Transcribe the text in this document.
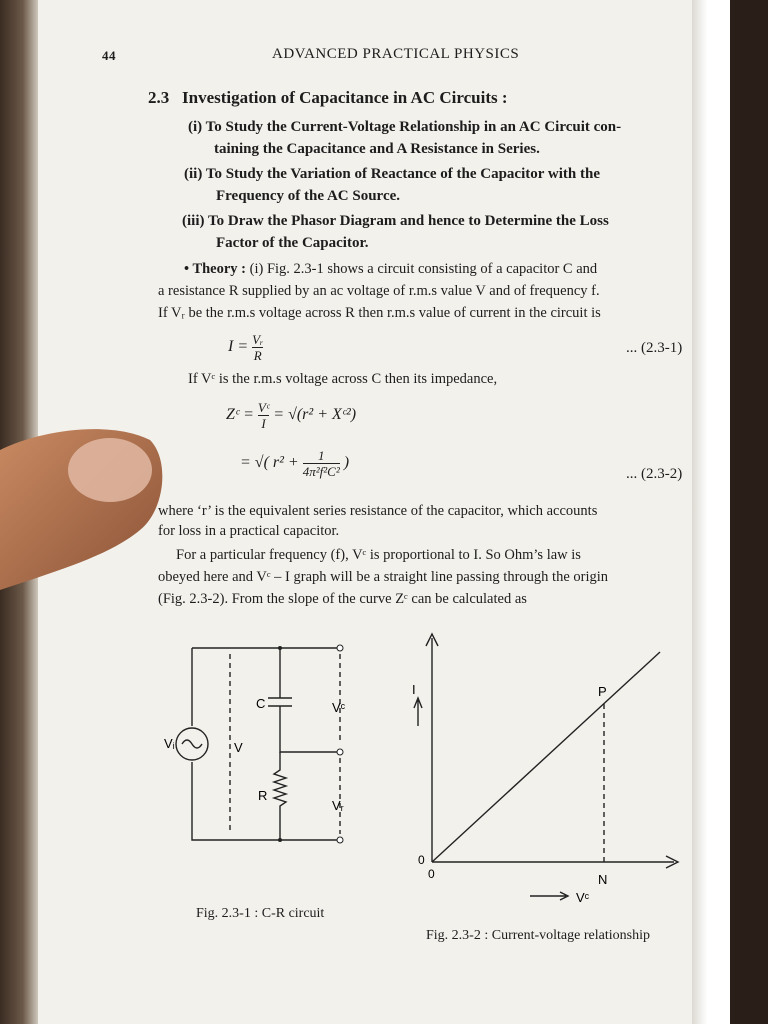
44	ADVANCED PRACTICAL PHYSICS
2.3 Investigation of Capacitance in AC Circuits :
(i) To Study the Current-Voltage Relationship in an AC Circuit con-
taining the Capacitance and A Resistance in Series.
(ii) To Study the Variation of Reactance of the Capacitor with the
Frequency of the AC Source.
(iii) To Draw the Phasor Diagram and hence to Determine the Loss
Factor of the Capacitor.
• Theory : (i) Fig. 2.3-1 shows a circuit consisting of a capacitor C and
a resistance R supplied by an ac voltage of r.m.s value V and of frequency f.
If Vᵣ be the r.m.s voltage across R then r.m.s value of current in the circuit is
$I = \frac{\text{Vᵣ}}{R}$	... (2.3-1)
If Vᶜ is the r.m.s voltage across C then its impedance,
Zᶜ = $\frac{\text{Vᶜ}}{I} = √(r^2$ + Xᶜ²)
= √( $r^2 + \frac{1}{\text{4π²f²C²}}$ )
... (2.3-2)
where ‘r’ is the equivalent series resistance of the capacitor, which accounts
for loss in a practical capacitor.
For a particular frequency (f), Vᶜ is proportional to I. So Ohm’s law is
obeyed here and Vᶜ – I graph will be a straight line passing through the origin
(Fig. 2.3-2). From the slope of the curve Zᶜ can be calculated as
Vᵢ	V
C
R
Vᶜ
Vᵣ
Fig. 2.3-1 : C-R circuit
I
0
0
P
N
Vᶜ
Fig. 2.3-2 : Current-voltage relationship
